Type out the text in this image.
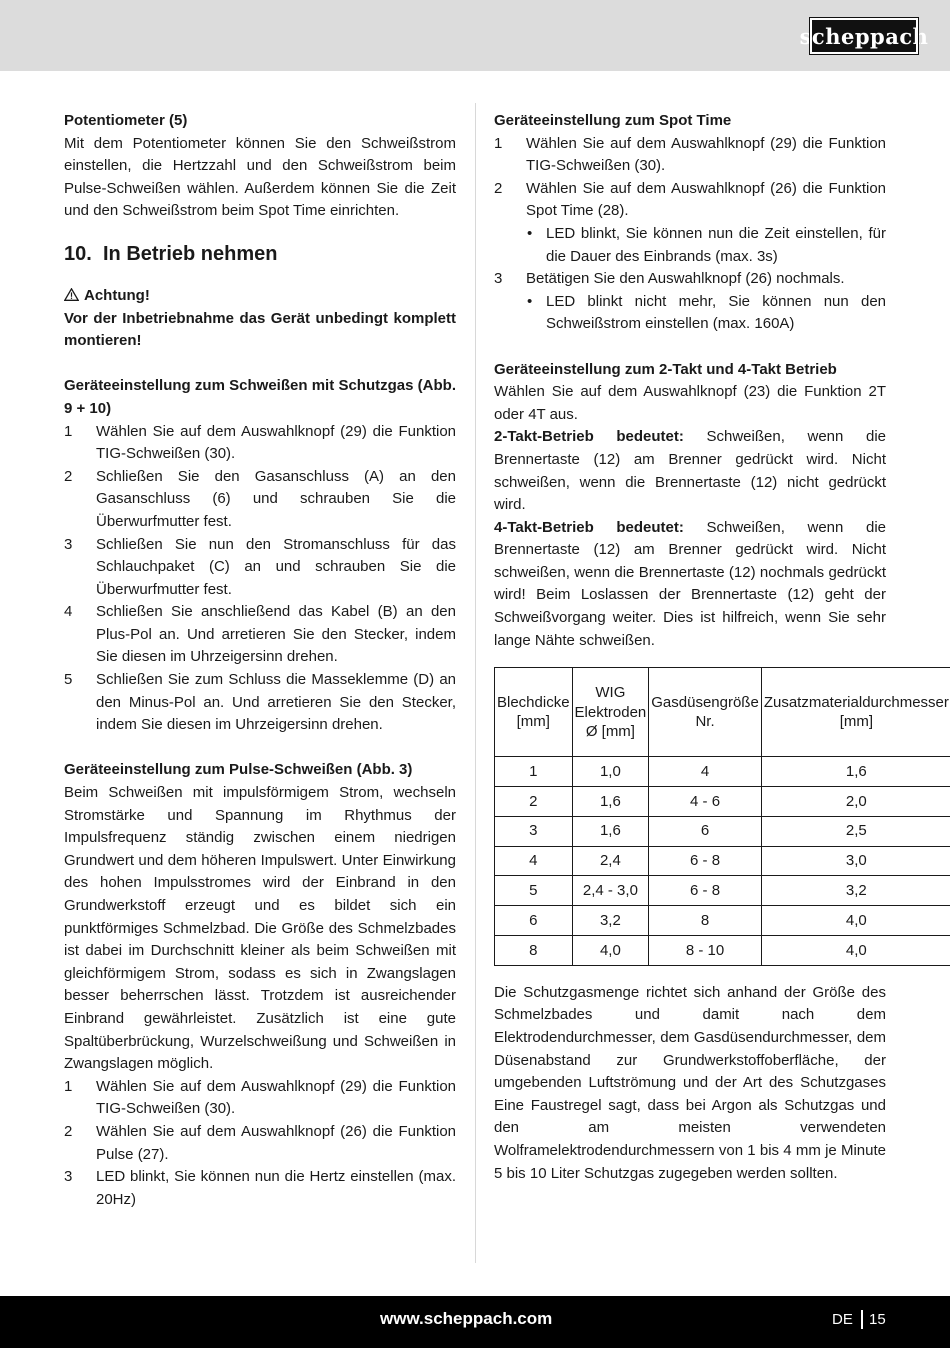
scheppach

Potentiometer (5)

Mit dem Potentiometer können Sie den Schweißstrom einstellen, die Hertzzahl und den Schweißstrom beim Pulse-Schweißen wählen. Außerdem können Sie die Zeit und den Schweißstrom beim Spot Time einrichten.

10. In Betrieb nehmen

Achtung!

Vor der Inbetriebnahme das Gerät unbedingt komplett montieren!

Geräteeinstellung zum Schweißen mit Schutzgas (Abb. 9 + 10)

1	Wählen Sie auf dem Auswahlknopf (29) die Funktion TIG-Schweißen (30).
2	Schließen Sie den Gasanschluss (A) an den Gasanschluss (6) und schrauben Sie die Überwurfmutter fest.
3	Schließen Sie nun den Stromanschluss für das Schlauchpaket (C) an und schrauben Sie die Überwurfmutter fest.
4	Schließen Sie anschließend das Kabel (B) an den Plus-Pol an. Und arretieren Sie den Stecker, indem Sie diesen im Uhrzeigersinn drehen.
5	Schließen Sie zum Schluss die Masseklemme (D) an den Minus-Pol an. Und arretieren Sie den Stecker, indem Sie diesen im Uhrzeigersinn drehen.

Geräteeinstellung zum Pulse-Schweißen (Abb. 3)

Beim Schweißen mit impulsförmigem Strom, wechseln Stromstärke und Spannung im Rhythmus der Impulsfrequenz ständig zwischen einem niedrigen Grundwert und dem höheren Impulswert. Unter Einwirkung des hohen Impulsstromes wird der Einbrand in den Grundwerkstoff erzeugt und es bildet sich ein punktförmiges Schmelzbad. Die Größe des Schmelzbades ist dabei im Durchschnitt kleiner als beim Schweißen mit gleichförmigem Strom, sodass es sich in Zwangslagen besser beherrschen lässt. Trotzdem ist ausreichender Einbrand gewährleistet. Zusätzlich ist eine gute Spaltüberbrückung, Wurzelschweißung und Schweißen in Zwangslagen möglich.

1	Wählen Sie auf dem Auswahlknopf (29) die Funktion TIG-Schweißen (30).
2	Wählen Sie auf dem Auswahlknopf (26) die Funktion Pulse (27).
3	LED blinkt, Sie können nun die Hertz einstellen (max. 20Hz)

Geräteeinstellung zum Spot Time

1	Wählen Sie auf dem Auswahlknopf (29) die Funktion TIG-Schweißen (30).
2	Wählen Sie auf dem Auswahlknopf (26) die Funktion Spot Time (28).
• LED blinkt, Sie können nun die Zeit einstellen, für die Dauer des Einbrands (max. 3s)
3	Betätigen Sie den Auswahlknopf (26) nochmals.
• LED blinkt nicht mehr, Sie können nun den Schweißstrom einstellen (max. 160A)

Geräteeinstellung zum 2-Takt und 4-Takt Betrieb

Wählen Sie auf dem Auswahlknopf (23) die Funktion 2T oder 4T aus.

2-Takt-Betrieb bedeutet: Schweißen, wenn die Brennertaste (12) am Brenner gedrückt wird. Nicht schweißen, wenn die Brennertaste (12) nicht gedrückt wird.

4-Takt-Betrieb bedeutet: Schweißen, wenn die Brennertaste (12) am Brenner gedrückt wird. Nicht schweißen, wenn die Brennertaste (12) nochmals gedrückt wird! Beim Loslassen der Brennertaste (12) geht der Schweißvorgang weiter. Dies ist hilfreich, wenn Sie sehr lange Nähte schweißen.

Blechdicke [mm]	WIG Elektroden Ø [mm]	Gasdüsengröße Nr.	Zusatzmaterialdurchmesser [mm]
1	1,0	4	1,6
2	1,6	4 - 6	2,0
3	1,6	6	2,5
4	2,4	6 - 8	3,0
5	2,4 - 3,0	6 - 8	3,2
6	3,2	8	4,0
8	4,0	8 - 10	4,0

Die Schutzgasmenge richtet sich anhand der Größe des Schmelzbades und damit nach dem Elektrodendurchmesser, dem Gasdüsendurchmesser, dem Düsenabstand zur Grundwerkstoffoberfläche, der umgebenden Luftströmung und der Art des Schutzgases Eine Faustregel sagt, dass bei Argon als Schutzgas und den am meisten verwendeten Wolframelektrodendurchmessern von 1 bis 4 mm je Minute 5 bis 10 Liter Schutzgas zugegeben werden sollten.

www.scheppach.com	DE 15
